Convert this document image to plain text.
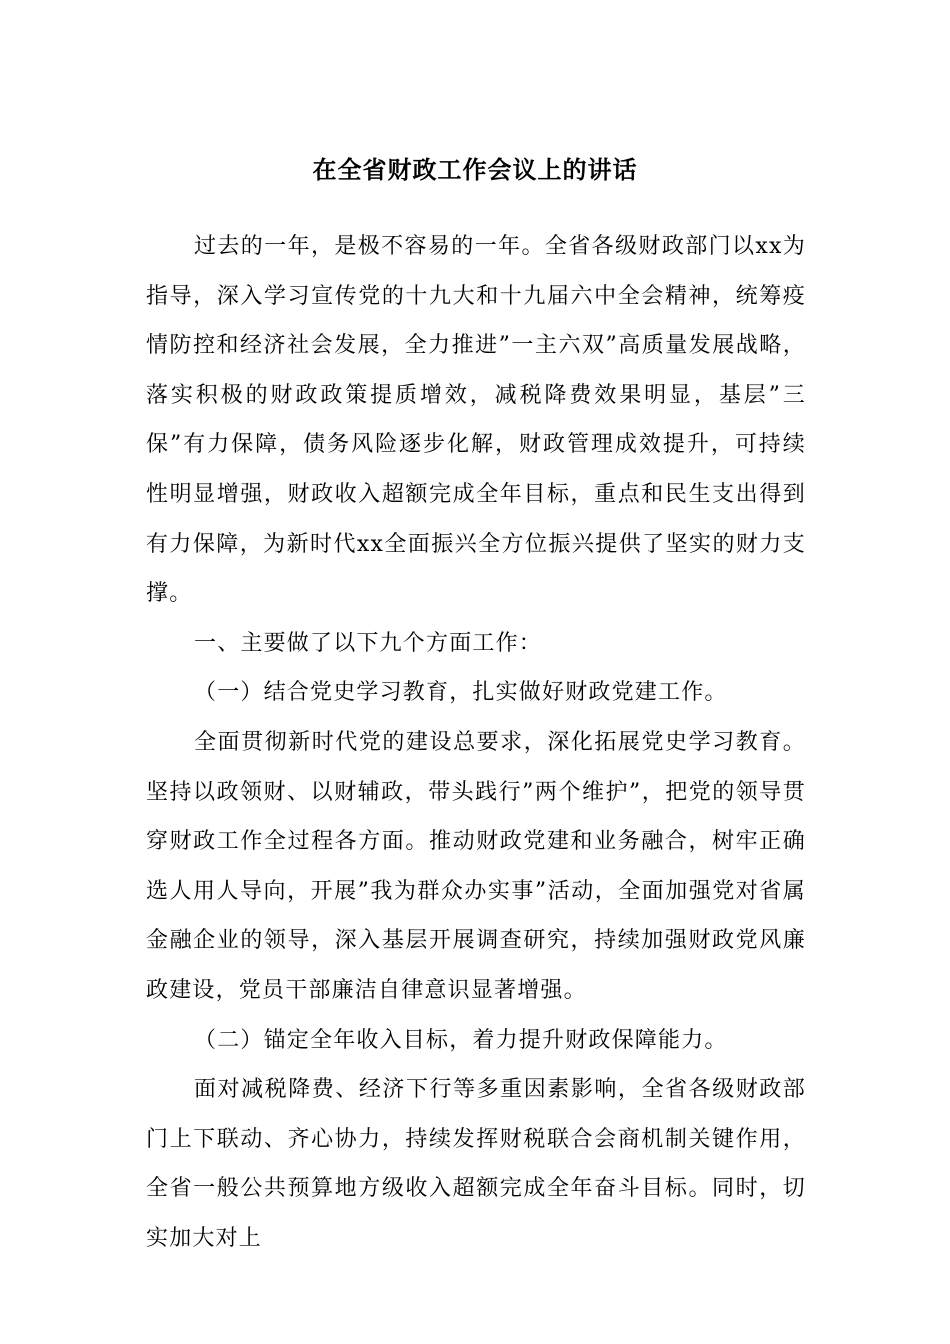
在全省财政工作会议上的讲话

过去的一年，是极不容易的一年。全省各级财政部门以xx为指导，深入学习宣传党的十九大和十九届六中全会精神，统筹疫情防控和经济社会发展，全力推进”一主六双”高质量发展战略，落实积极的财政政策提质增效，减税降费效果明显，基层”三保”有力保障，债务风险逐步化解，财政管理成效提升，可持续性明显增强，财政收入超额完成全年目标，重点和民生支出得到有力保障，为新时代xx全面振兴全方位振兴提供了坚实的财力支撑。

一、主要做了以下九个方面工作：

（一）结合党史学习教育，扎实做好财政党建工作。

全面贯彻新时代党的建设总要求，深化拓展党史学习教育。坚持以政领财、以财辅政，带头践行”两个维护”，把党的领导贯穿财政工作全过程各方面。推动财政党建和业务融合，树牢正确选人用人导向，开展”我为群众办实事”活动，全面加强党对省属金融企业的领导，深入基层开展调查研究，持续加强财政党风廉政建设，党员干部廉洁自律意识显著增强。

（二）锚定全年收入目标，着力提升财政保障能力。

面对减税降费、经济下行等多重因素影响，全省各级财政部门上下联动、齐心协力，持续发挥财税联合会商机制关键作用，全省一般公共预算地方级收入超额完成全年奋斗目标。同时，切实加大对上
